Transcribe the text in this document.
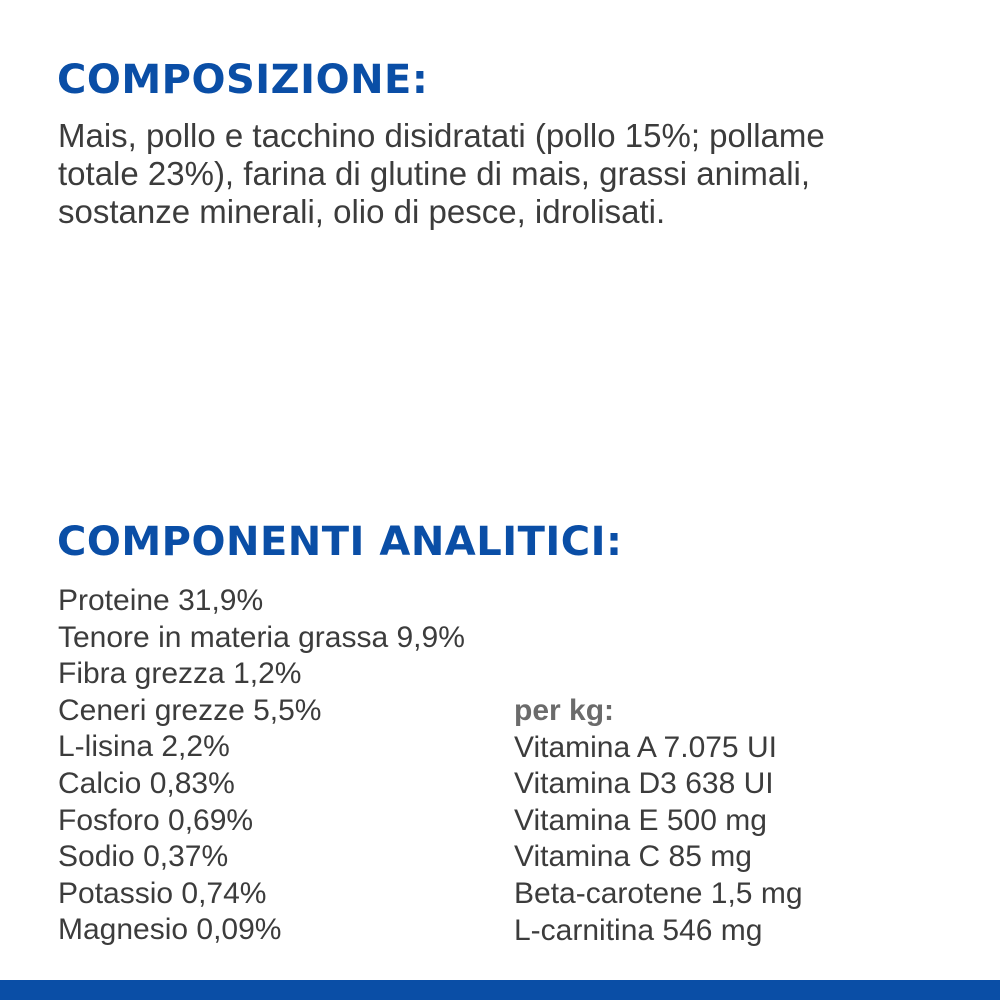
COMPOSIZIONE:

Mais, pollo e tacchino disidratati (pollo 15%; pollame
totale 23%), farina di glutine di mais, grassi animali,
sostanze minerali, olio di pesce, idrolisati.

COMPONENTI ANALITICI:
Proteine 31,9%
Tenore in materia grassa 9,9%
Fibra grezza 1,2%
Ceneri grezze 5,5%
L-lisina 2,2%
Calcio 0,83%
Fosforo 0,69%
Sodio 0,37%
Potassio 0,74%
Magnesio 0,09%
per kg:
Vitamina A 7.075 UI
Vitamina D3 638 UI
Vitamina E 500 mg
Vitamina C 85 mg
Beta-carotene 1,5 mg
L-carnitina 546 mg
